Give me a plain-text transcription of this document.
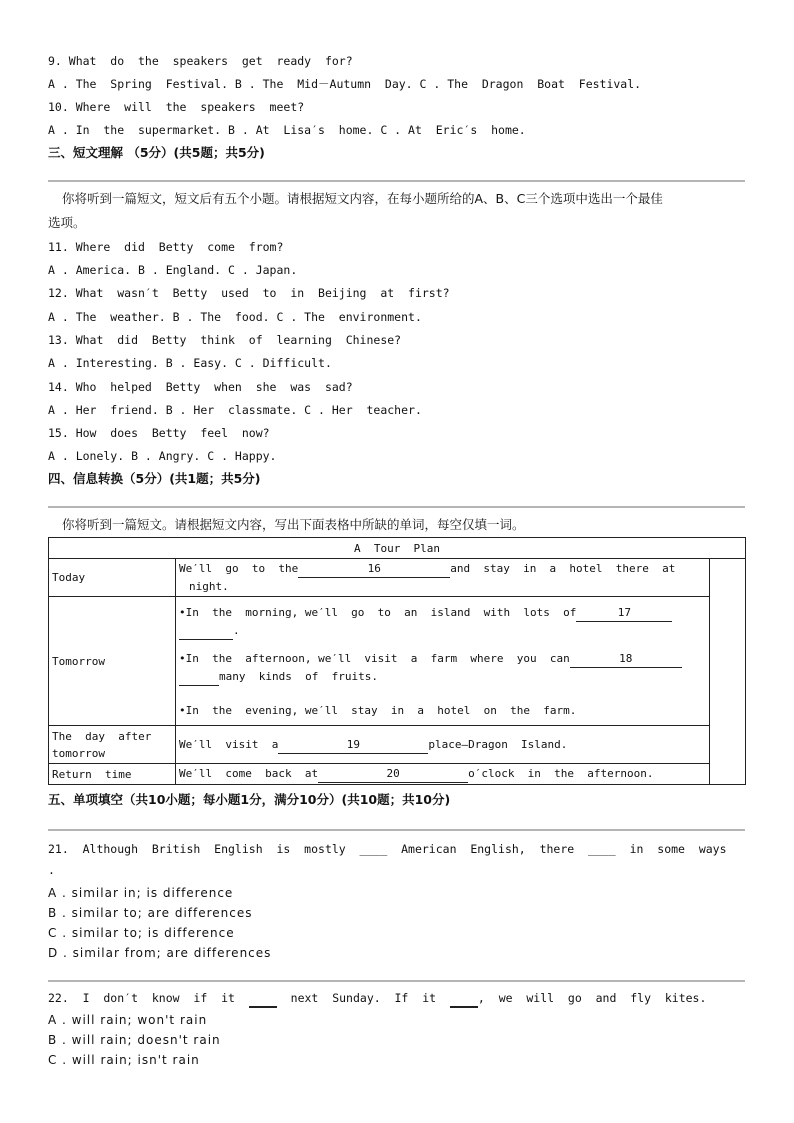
9. What  do  the  speakers  get  ready  for?
A . The  Spring  Festival. B . The  Mid－Autumn  Day. C . The  Dragon  Boat  Festival.
10. Where  will  the  speakers  meet?
A . In  the  supermarket. B . At  Lisa′s  home. C . At  Eric′s  home.
三、短文理解 （5分）(共5题；共5分)
你将听到一篇短文，短文后有五个小题。请根据短文内容，在每小题所给的A、B、C三个选项中选出一个最佳
选项。
11. Where  did  Betty  come  from?
A . America. B . England. C . Japan.
12. What  wasn′t  Betty  used  to  in  Beijing  at  first?
A . The  weather. B . The  food. C . The  environment.
13. What  did  Betty  think  of  learning  Chinese?
A . Interesting. B . Easy. C . Difficult.
14. Who  helped  Betty  when  she  was  sad?
A . Her  friend. B . Her  classmate. C . Her  teacher.
15. How  does  Betty  feel  now?
A . Lonely. B . Angry. C . Happy.
四、信息转换（5分）(共1题；共5分)
你将听到一篇短文。请根据短文内容，写出下面表格中所缺的单词，每空仅填一词。
A  Tour  Plan		
Today	We′ll  go  to  the 16 and  stay  in  a  hotel  there  at
night.	
Tomorrow	•In  the  morning, we′ll  go  to  an  island  with  lots  of 17
.
•In  the  afternoon, we′ll  visit  a  farm  where  you  can 18
many  kinds  of  fruits.
•In  the  evening, we′ll  stay  in  a  hotel  on  the  farm.	

The  day  after
tomorrow	We′ll  visit  a 19 place—Dragon  Island.	
Return  time	We′ll  come  back  at 20 o′clock  in  the  afternoon.	
五、单项填空（共10小题；每小题1分，满分10分）(共10题；共10分)
21.  Although  British  English  is  mostly  ____  American  English,  there  ____  in  some  ways
.
A . similar in; is difference
B . similar to; are differences
C . similar to; is difference
D . similar from; are differences
22.  I  don′t  know  if  it	next  Sunday.  If  it	,  we  will  go  and  fly  kites.
A . will rain; won't rain
B . will rain; doesn't rain
C . will rain; isn't rain
